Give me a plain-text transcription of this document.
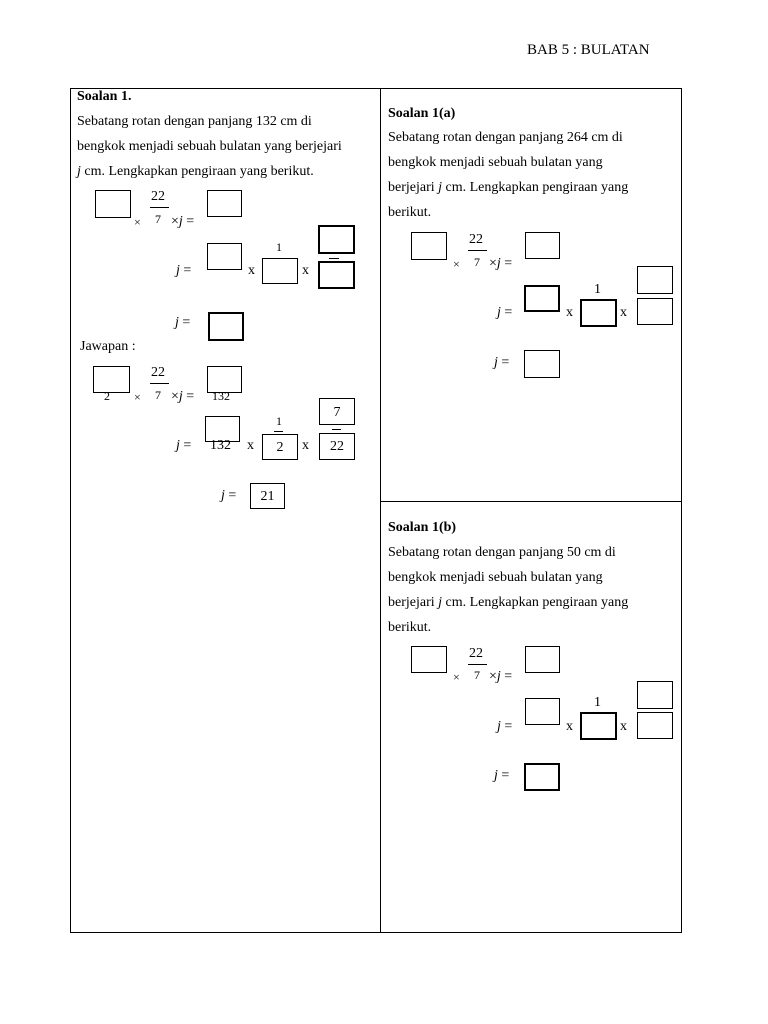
BAB 5 : BULATAN
Soalan 1.
Sebatang rotan dengan panjang 132 cm di
bengkok menjadi sebuah bulatan yang berjejari
j cm. Lengkapkan pengiraan yang berikut.
×
22
7 ×j =
j =	x
1
x
j =
Jawapan :
2 ×
22
7 ×j = 132
j = 132 x
1
2	x
7
22
j =	21
Soalan 1(a)
Sebatang rotan dengan panjang 264 cm di
bengkok menjadi sebuah bulatan yang
berjejari j cm. Lengkapkan pengiraan yang
berikut.
×
22
7 ×j =
j =	x
1
x
j =
Soalan 1(b)
Sebatang rotan dengan panjang 50 cm di
bengkok menjadi sebuah bulatan yang
berjejari j cm. Lengkapkan pengiraan yang
berikut.
×
22
7 ×j =
j =	x
1
x
j =
